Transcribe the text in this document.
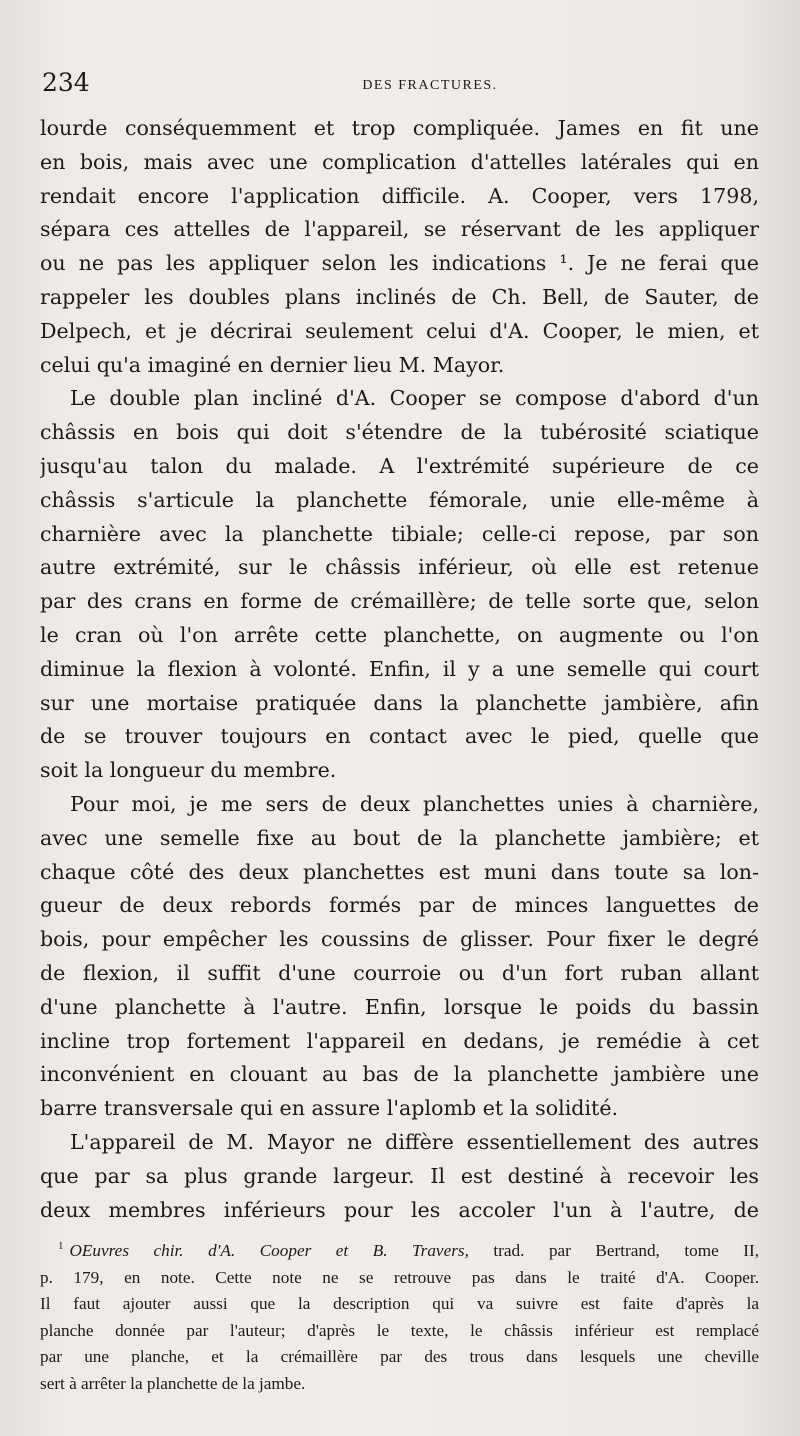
234	DES FRACTURES.
lourde conséquemment et trop compliquée. James en fit une
en bois, mais avec une complication d'attelles latérales qui en
rendait encore l'application difficile. A. Cooper, vers 1798,
sépara ces attelles de l'appareil, se réservant de les appliquer
ou ne pas les appliquer selon les indications ¹. Je ne ferai que
rappeler les doubles plans inclinés de Ch. Bell, de Sauter, de
Delpech, et je décrirai seulement celui d'A. Cooper, le mien, et
celui qu'a imaginé en dernier lieu M. Mayor.
Le double plan incliné d'A. Cooper se compose d'abord d'un
châssis en bois qui doit s'étendre de la tubérosité sciatique
jusqu'au talon du malade. A l'extrémité supérieure de ce
châssis s'articule la planchette fémorale, unie elle-même à
charnière avec la planchette tibiale; celle-ci repose, par son
autre extrémité, sur le châssis inférieur, où elle est retenue
par des crans en forme de crémaillère; de telle sorte que, selon
le cran où l'on arrête cette planchette, on augmente ou l'on
diminue la flexion à volonté. Enfin, il y a une semelle qui court
sur une mortaise pratiquée dans la planchette jambière, afin
de se trouver toujours en contact avec le pied, quelle que
soit la longueur du membre.
Pour moi, je me sers de deux planchettes unies à charnière,
avec une semelle fixe au bout de la planchette jambière; et
chaque côté des deux planchettes est muni dans toute sa lon-
gueur de deux rebords formés par de minces languettes de
bois, pour empêcher les coussins de glisser. Pour fixer le degré
de flexion, il suffit d'une courroie ou d'un fort ruban allant
d'une planchette à l'autre. Enfin, lorsque le poids du bassin
incline trop fortement l'appareil en dedans, je remédie à cet
inconvénient en clouant au bas de la planchette jambière une
barre transversale qui en assure l'aplomb et la solidité.
L'appareil de M. Mayor ne diffère essentiellement des autres
que par sa plus grande largeur. Il est destiné à recevoir les
deux membres inférieurs pour les accoler l'un à l'autre, de
$^1$ OEuvres chir. d'A. Cooper et B. Travers, trad. par Bertrand, tome II,
p. 179, en note. Cette note ne se retrouve pas dans le traité d'A. Cooper.
Il faut ajouter aussi que la description qui va suivre est faite d'après la
planche donnée par l'auteur; d'après le texte, le châssis inférieur est remplacé
par une planche, et la crémaillère par des trous dans lesquels une cheville
sert à arrêter la planchette de la jambe.
